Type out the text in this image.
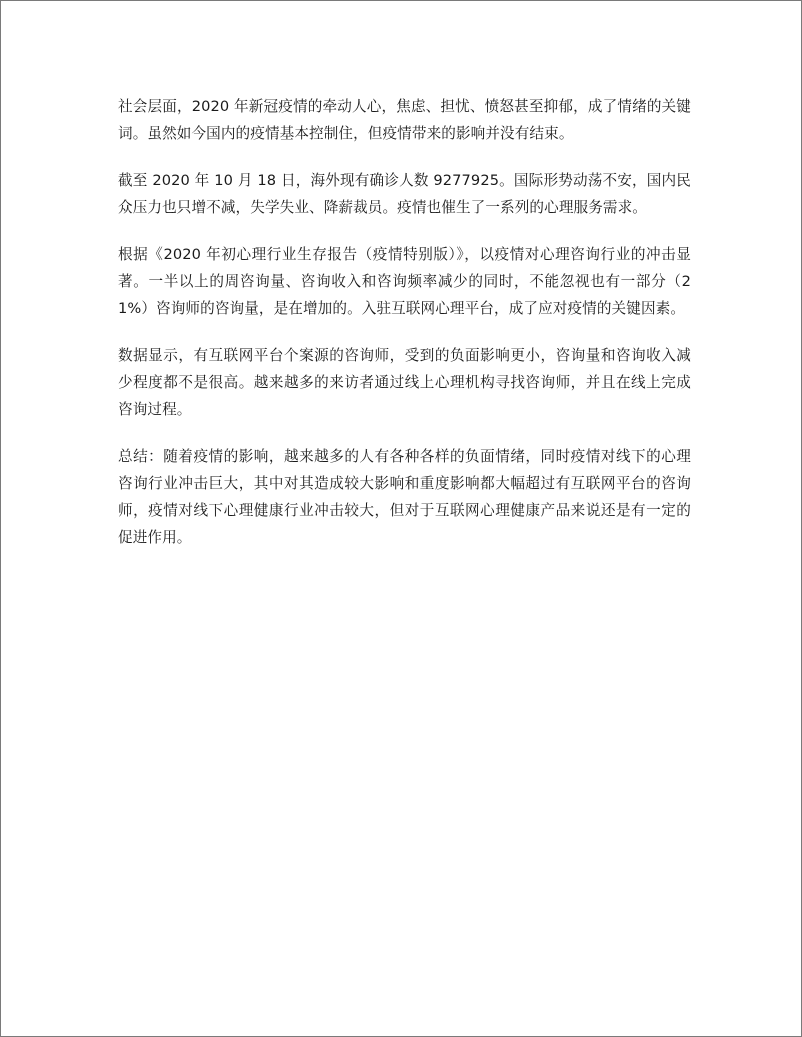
社会层面，2020 年新冠疫情的牵动人心，焦虑、担忧、愤怒甚至抑郁，成了情绪的关键词。虽然如今国内的疫情基本控制住，但疫情带来的影响并没有结束。

截至 2020 年 10 月 18 日，海外现有确诊人数 9277925。国际形势动荡不安，国内民众压力也只增不减，失学失业、降薪裁员。疫情也催生了一系列的心理服务需求。

根据《2020 年初心理行业生存报告（疫情特别版）》，以疫情对心理咨询行业的冲击显著。一半以上的周咨询量、咨询收入和咨询频率减少的同时，不能忽视也有一部分（21%）咨询师的咨询量，是在增加的。入驻互联网心理平台，成了应对疫情的关键因素。

数据显示，有互联网平台个案源的咨询师，受到的负面影响更小，咨询量和咨询收入减少程度都不是很高。越来越多的来访者通过线上心理机构寻找咨询师，并且在线上完成咨询过程。

总结：随着疫情的影响，越来越多的人有各种各样的负面情绪，同时疫情对线下的心理咨询行业冲击巨大，其中对其造成较大影响和重度影响都大幅超过有互联网平台的咨询师，疫情对线下心理健康行业冲击较大，但对于互联网心理健康产品来说还是有一定的促进作用。
